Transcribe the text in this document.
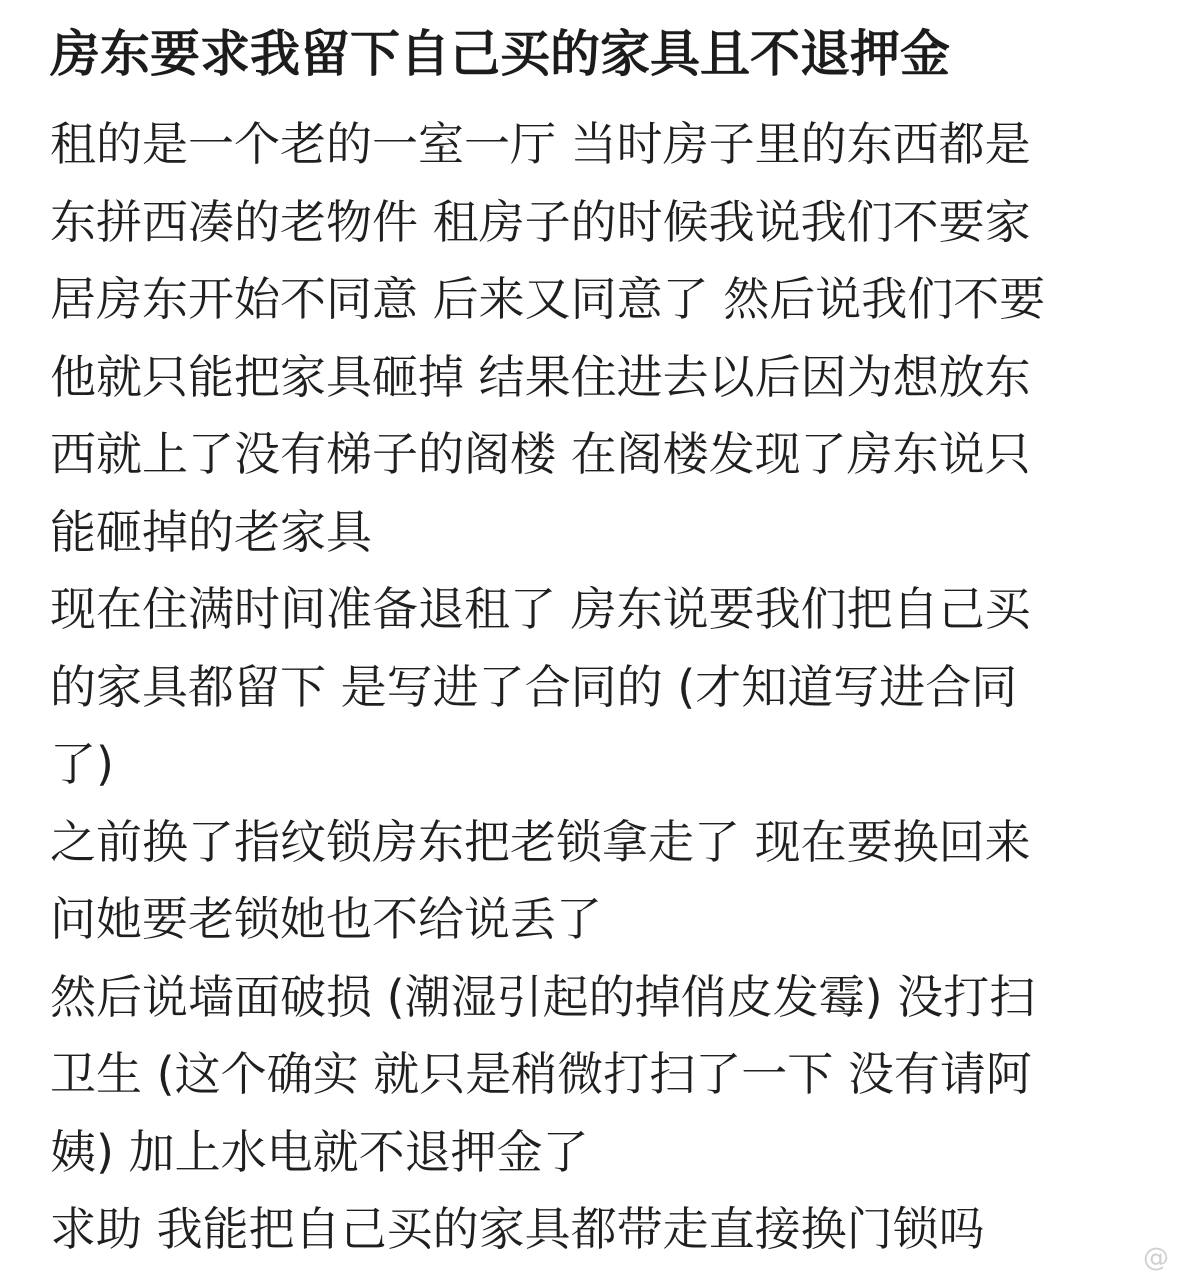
房东要求我留下自己买的家具且不退押金
租的是一个老的一室一厅 当时房子里的东西都是
东拼西凑的老物件 租房子的时候我说我们不要家
居房东开始不同意 后来又同意了 然后说我们不要
他就只能把家具砸掉 结果住进去以后因为想放东
西就上了没有梯子的阁楼 在阁楼发现了房东说只
能砸掉的老家具
现在住满时间准备退租了 房东说要我们把自己买
的家具都留下 是写进了合同的 (才知道写进合同
了)
之前换了指纹锁房东把老锁拿走了 现在要换回来
问她要老锁她也不给说丢了
然后说墙面破损 (潮湿引起的掉俏皮发霉) 没打扫
卫生 (这个确实 就只是稍微打扫了一下 没有请阿
姨) 加上水电就不退押金了
求助 我能把自己买的家具都带走直接换门锁吗
@
